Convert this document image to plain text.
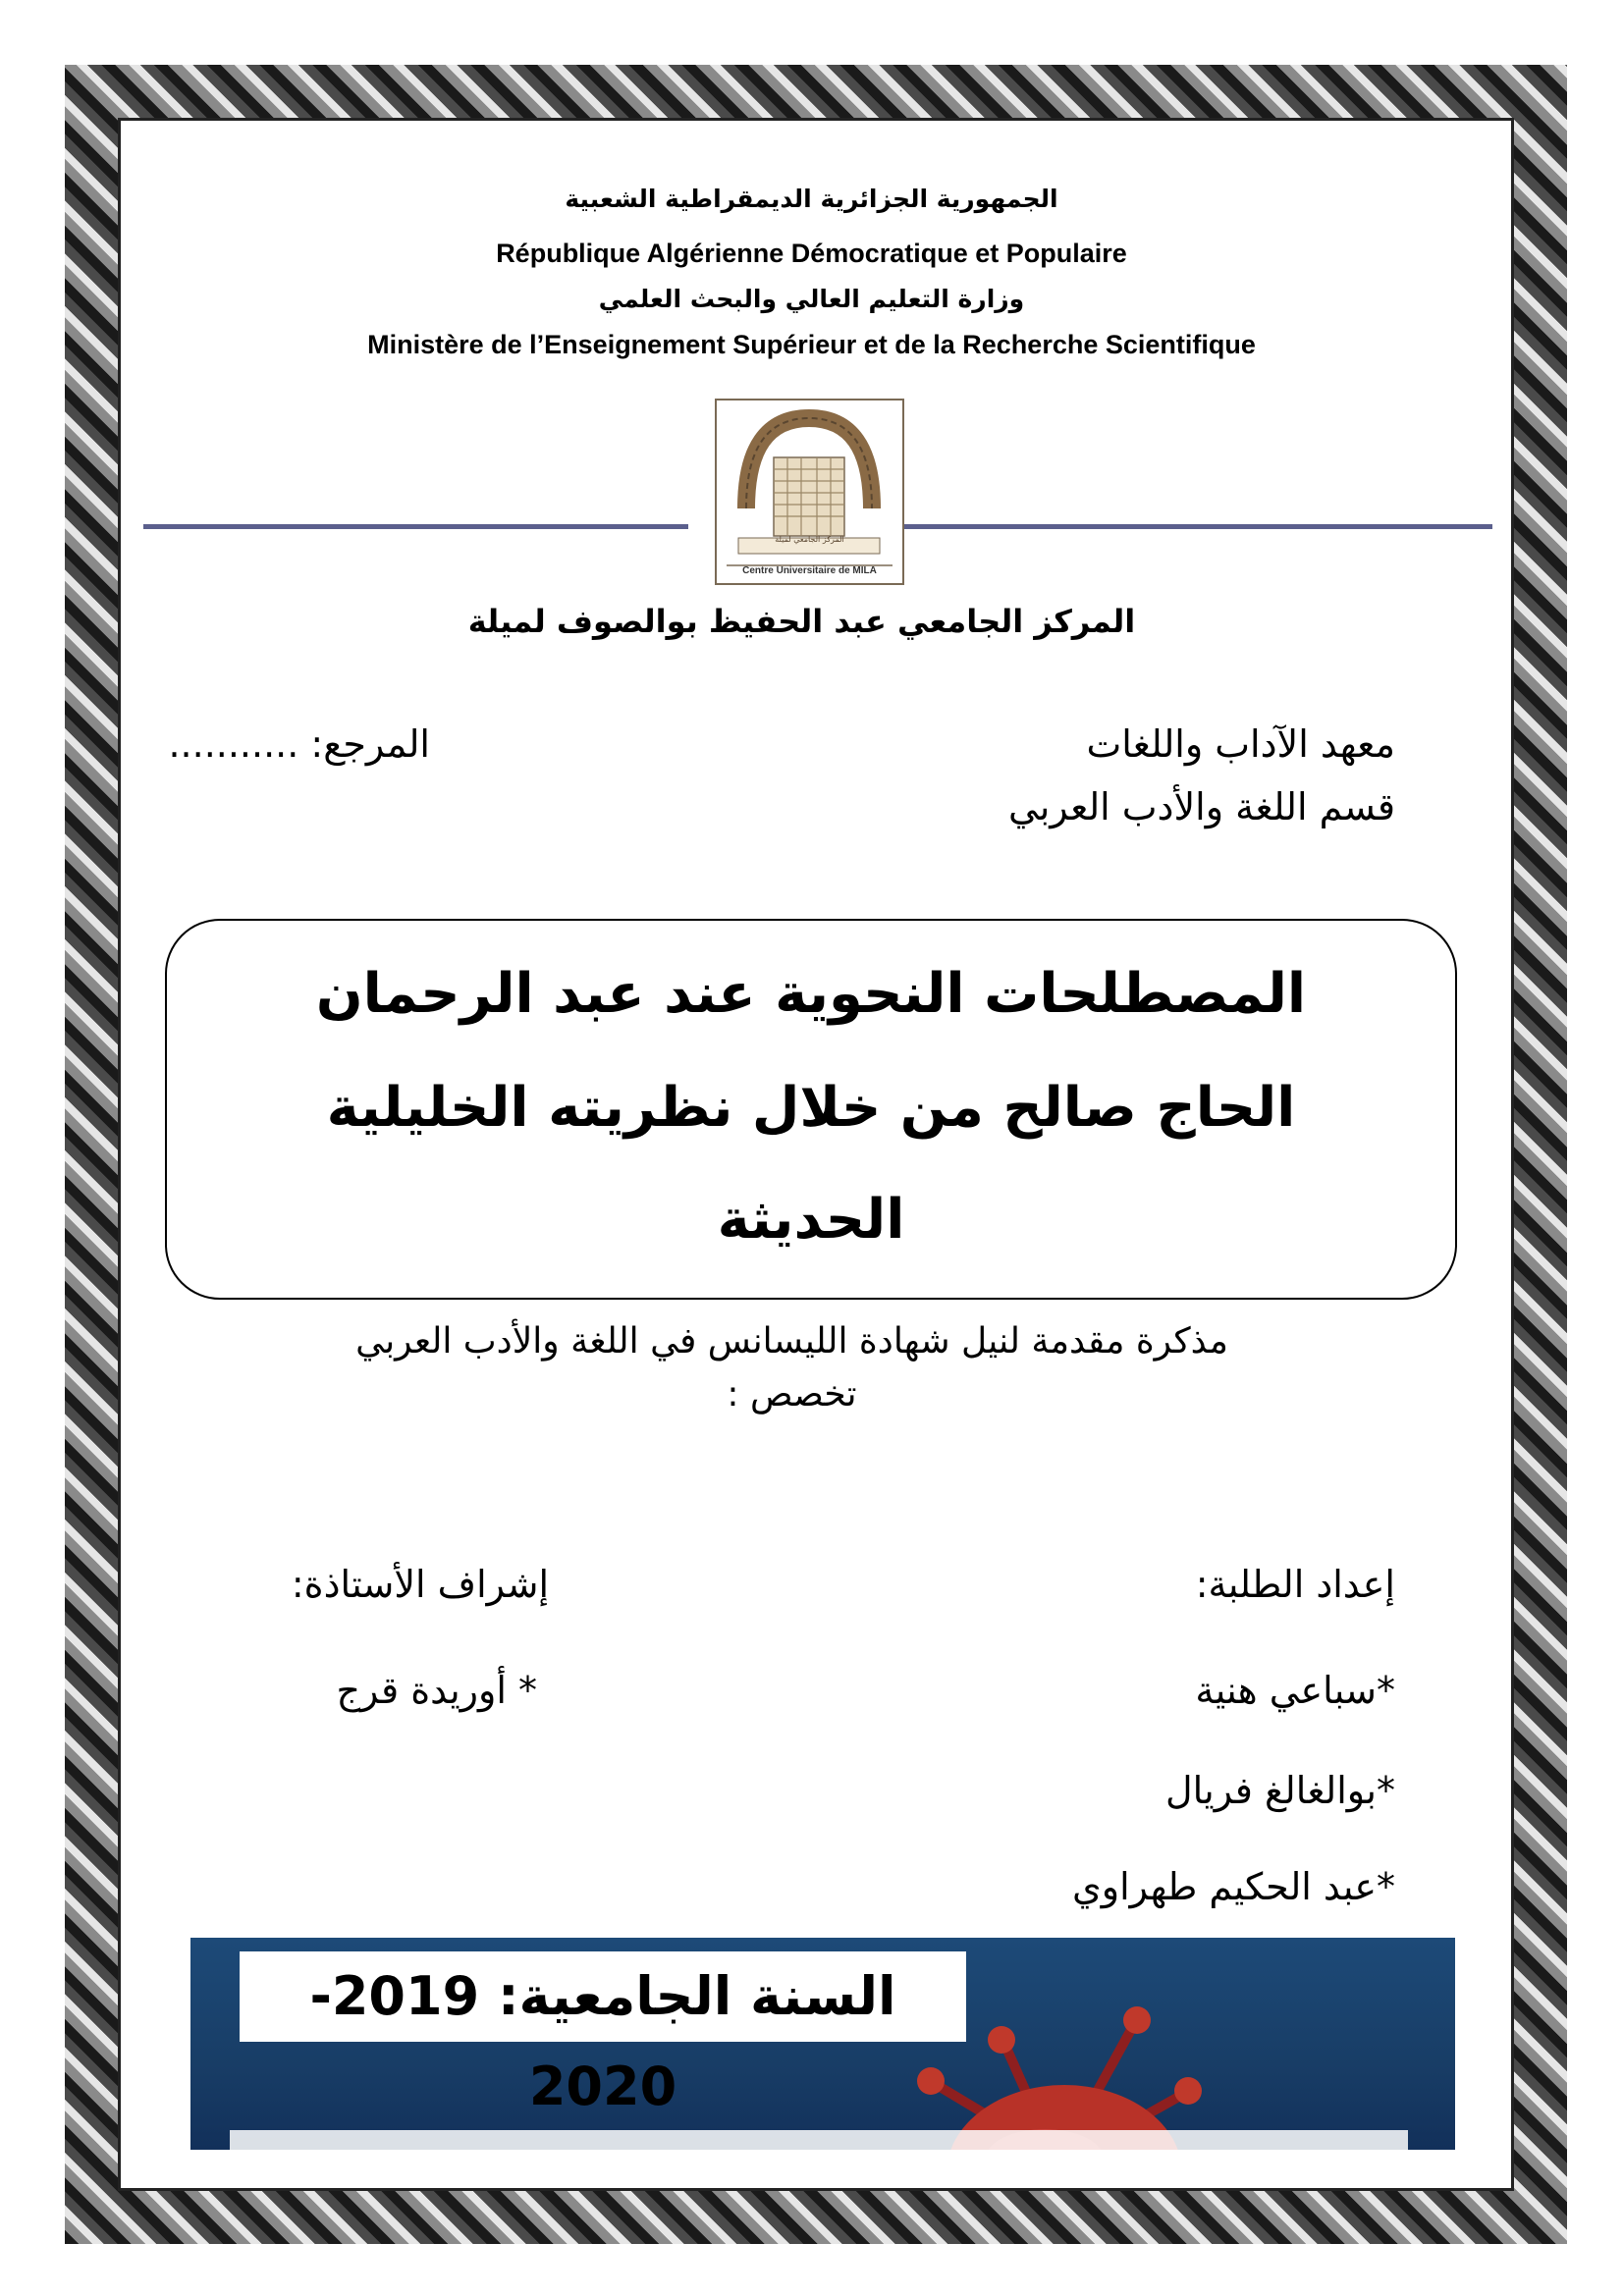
الجمهورية الجزائرية الديمقراطية الشعبية
République Algérienne Démocratique et Populaire
وزارة التعليم العالي والبحث العلمي
Ministère de l’Enseignement Supérieur et de la Recherche Scientifique
المركز الجامعي لميلة
Centre Universitaire de MILA
المركز الجامعي عبد الحفيظ بوالصوف لميلة
معهد الآداب واللغات
المرجع: ...........
قسم اللغة والأدب العربي
المصطلحات النحوية عند عبد الرحمان
الحاج صالح من خلال نظريته الخليلية
الحديثة
مذكرة مقدمة لنيل شهادة الليسانس في اللغة والأدب العربي
تخصص :
إعداد الطلبة:
إشراف الأستاذة:
*سباعي هنية
* أوريدة قرج
*بوالغالغ فريال
*عبد الحكيم طهراوي
السنة الجامعية: 2019-2020
